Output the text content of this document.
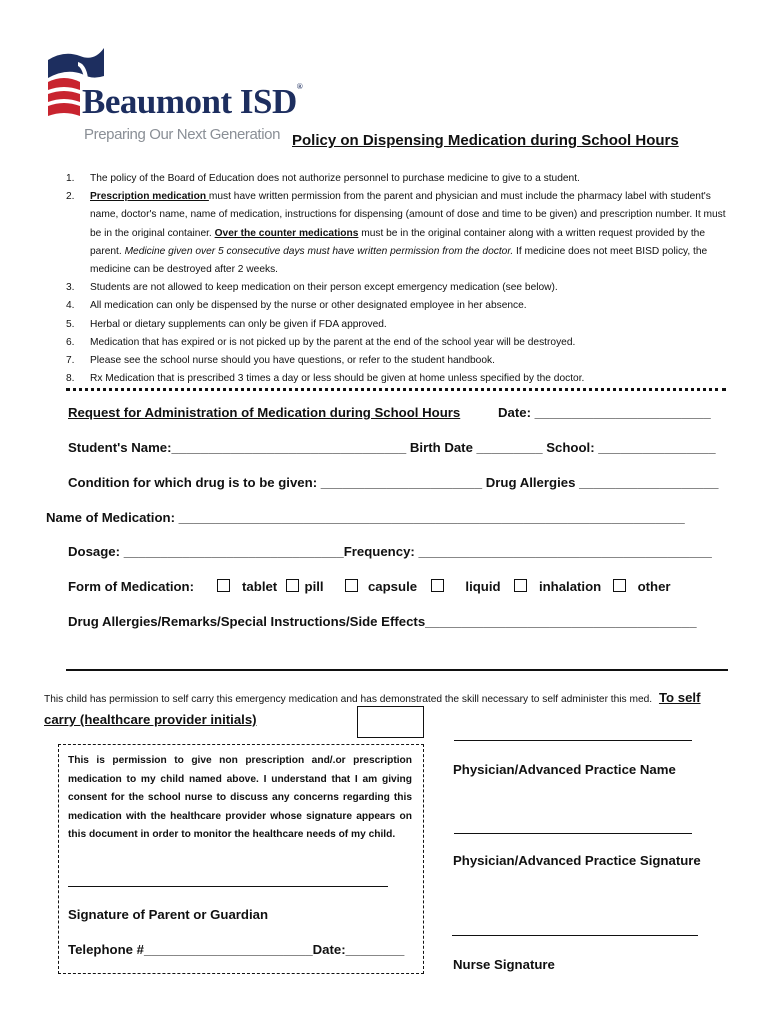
Beaumont ISD®
Preparing Our Next Generation Policy on Dispensing Medication during School Hours
1. The policy of the Board of Education does not authorize personnel to purchase medicine to give to a student.
2. Prescription medication must have written permission from the parent and physician and must include the pharmacy label with student's name, doctor's name, name of medication, instructions for dispensing (amount of dose and time to be given) and prescription number. It must be in the original container. Over the counter medications must be in the original container along with a written request provided by the parent. Medicine given over 5 consecutive days must have written permission from the doctor. If medicine does not meet BISD policy, the medicine can be destroyed after 2 weeks.
3. Students are not allowed to keep medication on their person except emergency medication (see below).
4. All medication can only be dispensed by the nurse or other designated employee in her absence.
5. Herbal or dietary supplements can only be given if FDA approved.
6. Medication that has expired or is not picked up by the parent at the end of the school year will be destroyed.
7. Please see the school nurse should you have questions, or refer to the student handbook.
8. Rx Medication that is prescribed 3 times a day or less should be given at home unless specified by the doctor.
Request for Administration of Medication during School Hours	Date: ________________________
Student's Name:________________________________ Birth Date _________ School: ________________
Condition for which drug is to be given: ______________________ Drug Allergies ___________________
Name of Medication: _____________________________________________________________________
Dosage: ______________________________Frequency: ________________________________________
Form of Medication:	tablet pill	capsule	liquid	inhalation	other
Drug Allergies/Remarks/Special Instructions/Side Effects_____________________________________
This child has permission to self carry this emergency medication and has demonstrated the skill necessary to self administer this med. To self carry (healthcare provider initials)
This is permission to give non prescription and/.or prescription medication to my child named above. I understand that I am giving consent for the school nurse to discuss any concerns regarding this medication with the healthcare provider whose signature appears on this document in order to monitor the healthcare needs of my child.
Signature of Parent or Guardian
Telephone #_______________________Date:________
Physician/Advanced Practice Name
Physician/Advanced Practice Signature
Nurse Signature
